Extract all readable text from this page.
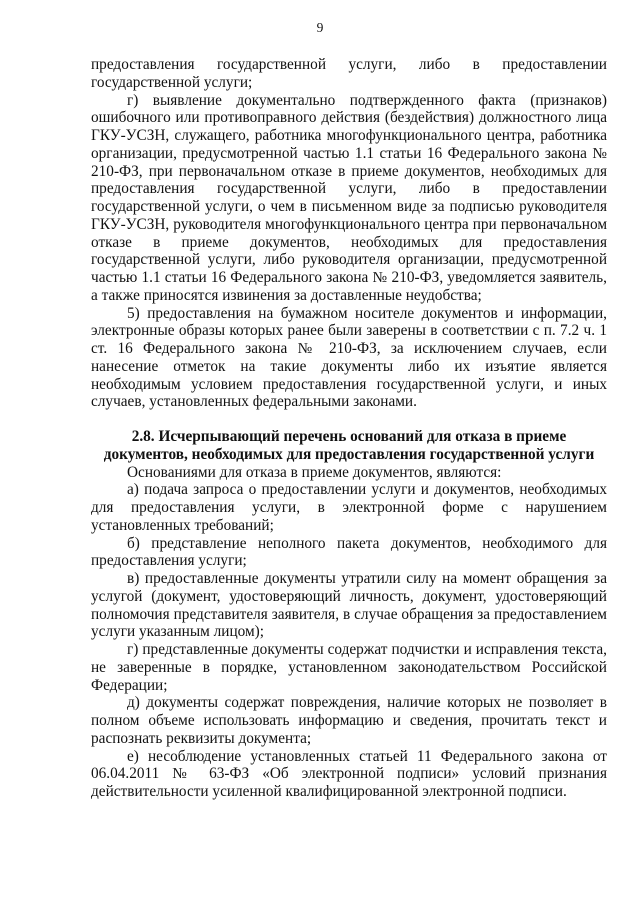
9

предоставления государственной услуги, либо в предоставлении государственной услуги;

г) выявление документально подтвержденного факта (признаков) ошибочного или противоправного действия (бездействия) должностного лица ГКУ-УСЗН, служащего, работника многофункционального центра, работника организации, предусмотренной частью 1.1 статьи 16 Федерального закона № 210-ФЗ, при первоначальном отказе в приеме документов, необходимых для предоставления государственной услуги, либо в предоставлении государственной услуги, о чем в письменном виде за подписью руководителя ГКУ-УСЗН, руководителя многофункционального центра при первоначальном отказе в приеме документов, необходимых для предоставления государственной услуги, либо руководителя организации, предусмотренной частью 1.1 статьи 16 Федерального закона № 210-ФЗ, уведомляется заявитель, а также приносятся извинения за доставленные неудобства;

5) предоставления на бумажном носителе документов и информации, электронные образы которых ранее были заверены в соответствии с п. 7.2 ч. 1 ст. 16 Федерального закона № 210-ФЗ, за исключением случаев, если нанесение отметок на такие документы либо их изъятие является необходимым условием предоставления государственной услуги, и иных случаев, установленных федеральными законами.

2.8. Исчерпывающий перечень оснований для отказа в приеме

документов, необходимых для предоставления государственной услуги

Основаниями для отказа в приеме документов, являются:

а) подача запроса о предоставлении услуги и документов, необходимых для предоставления услуги, в электронной форме с нарушением установленных требований;

б) представление неполного пакета документов, необходимого для предоставления услуги;

в) предоставленные документы утратили силу на момент обращения за услугой (документ, удостоверяющий личность, документ, удостоверяющий полномочия представителя заявителя, в случае обращения за предоставлением услуги указанным лицом);

г) представленные документы содержат подчистки и исправления текста, не заверенные в порядке, установленном законодательством Российской Федерации;

д) документы содержат повреждения, наличие которых не позволяет в полном объеме использовать информацию и сведения, прочитать текст и распознать реквизиты документа;

е) несоблюдение установленных статьей 11 Федерального закона от 06.04.2011 № 63-ФЗ «Об электронной подписи» условий признания действительности усиленной квалифицированной электронной подписи.
